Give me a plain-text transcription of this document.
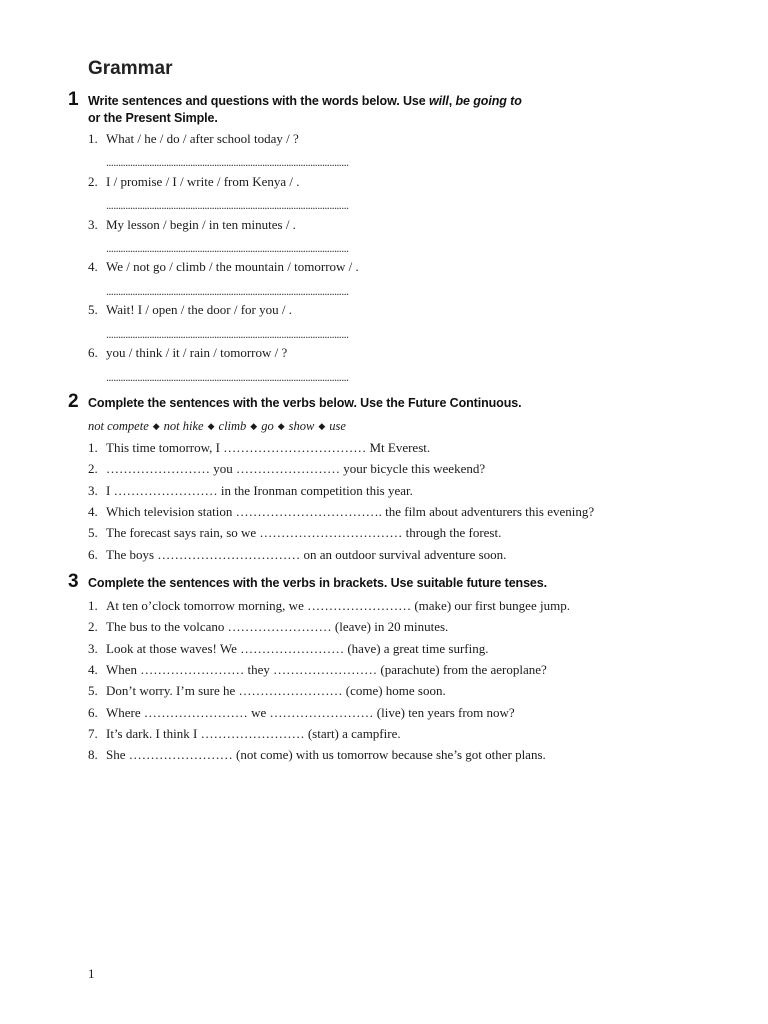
Grammar
1 Write sentences and questions with the words below. Use will, be going to
or the Present Simple.
1. What / he / do / after school today / ?
.....................................................................................................
2. I / promise / I / write / from Kenya / .
.....................................................................................................
3. My lesson / begin / in ten minutes / .
.....................................................................................................
4. We / not go / climb / the mountain / tomorrow / .
.....................................................................................................
5. Wait! I / open / the door / for you / .
.....................................................................................................
6. you / think / it / rain / tomorrow / ?
.....................................................................................................
2 Complete the sentences with the verbs below. Use the Future Continuous.
not compete ◆ not hike ◆ climb ◆ go ◆ show ◆ use
1. This time tomorrow, I …………………………… Mt Everest.
2. …………………… you …………………… your bicycle this weekend?
3. I …………………… in the Ironman competition this year.
4. Which television station ……………………………. the film about adventurers this evening?
5. The forecast says rain, so we …………………………… through the forest.
6. The boys …………………………… on an outdoor survival adventure soon.
3 Complete the sentences with the verbs in brackets. Use suitable future tenses.
1. At ten o’clock tomorrow morning, we …………………… (make) our first bungee jump.
2. The bus to the volcano …………………… (leave) in 20 minutes.
3. Look at those waves! We …………………… (have) a great time surfing.
4. When …………………… they …………………… (parachute) from the aeroplane?
5. Don’t worry. I’m sure he …………………… (come) home soon.
6. Where …………………… we …………………… (live) ten years from now?
7. It’s dark. I think I …………………… (start) a campfire.
8. She …………………… (not come) with us tomorrow because she’s got other plans.
1
